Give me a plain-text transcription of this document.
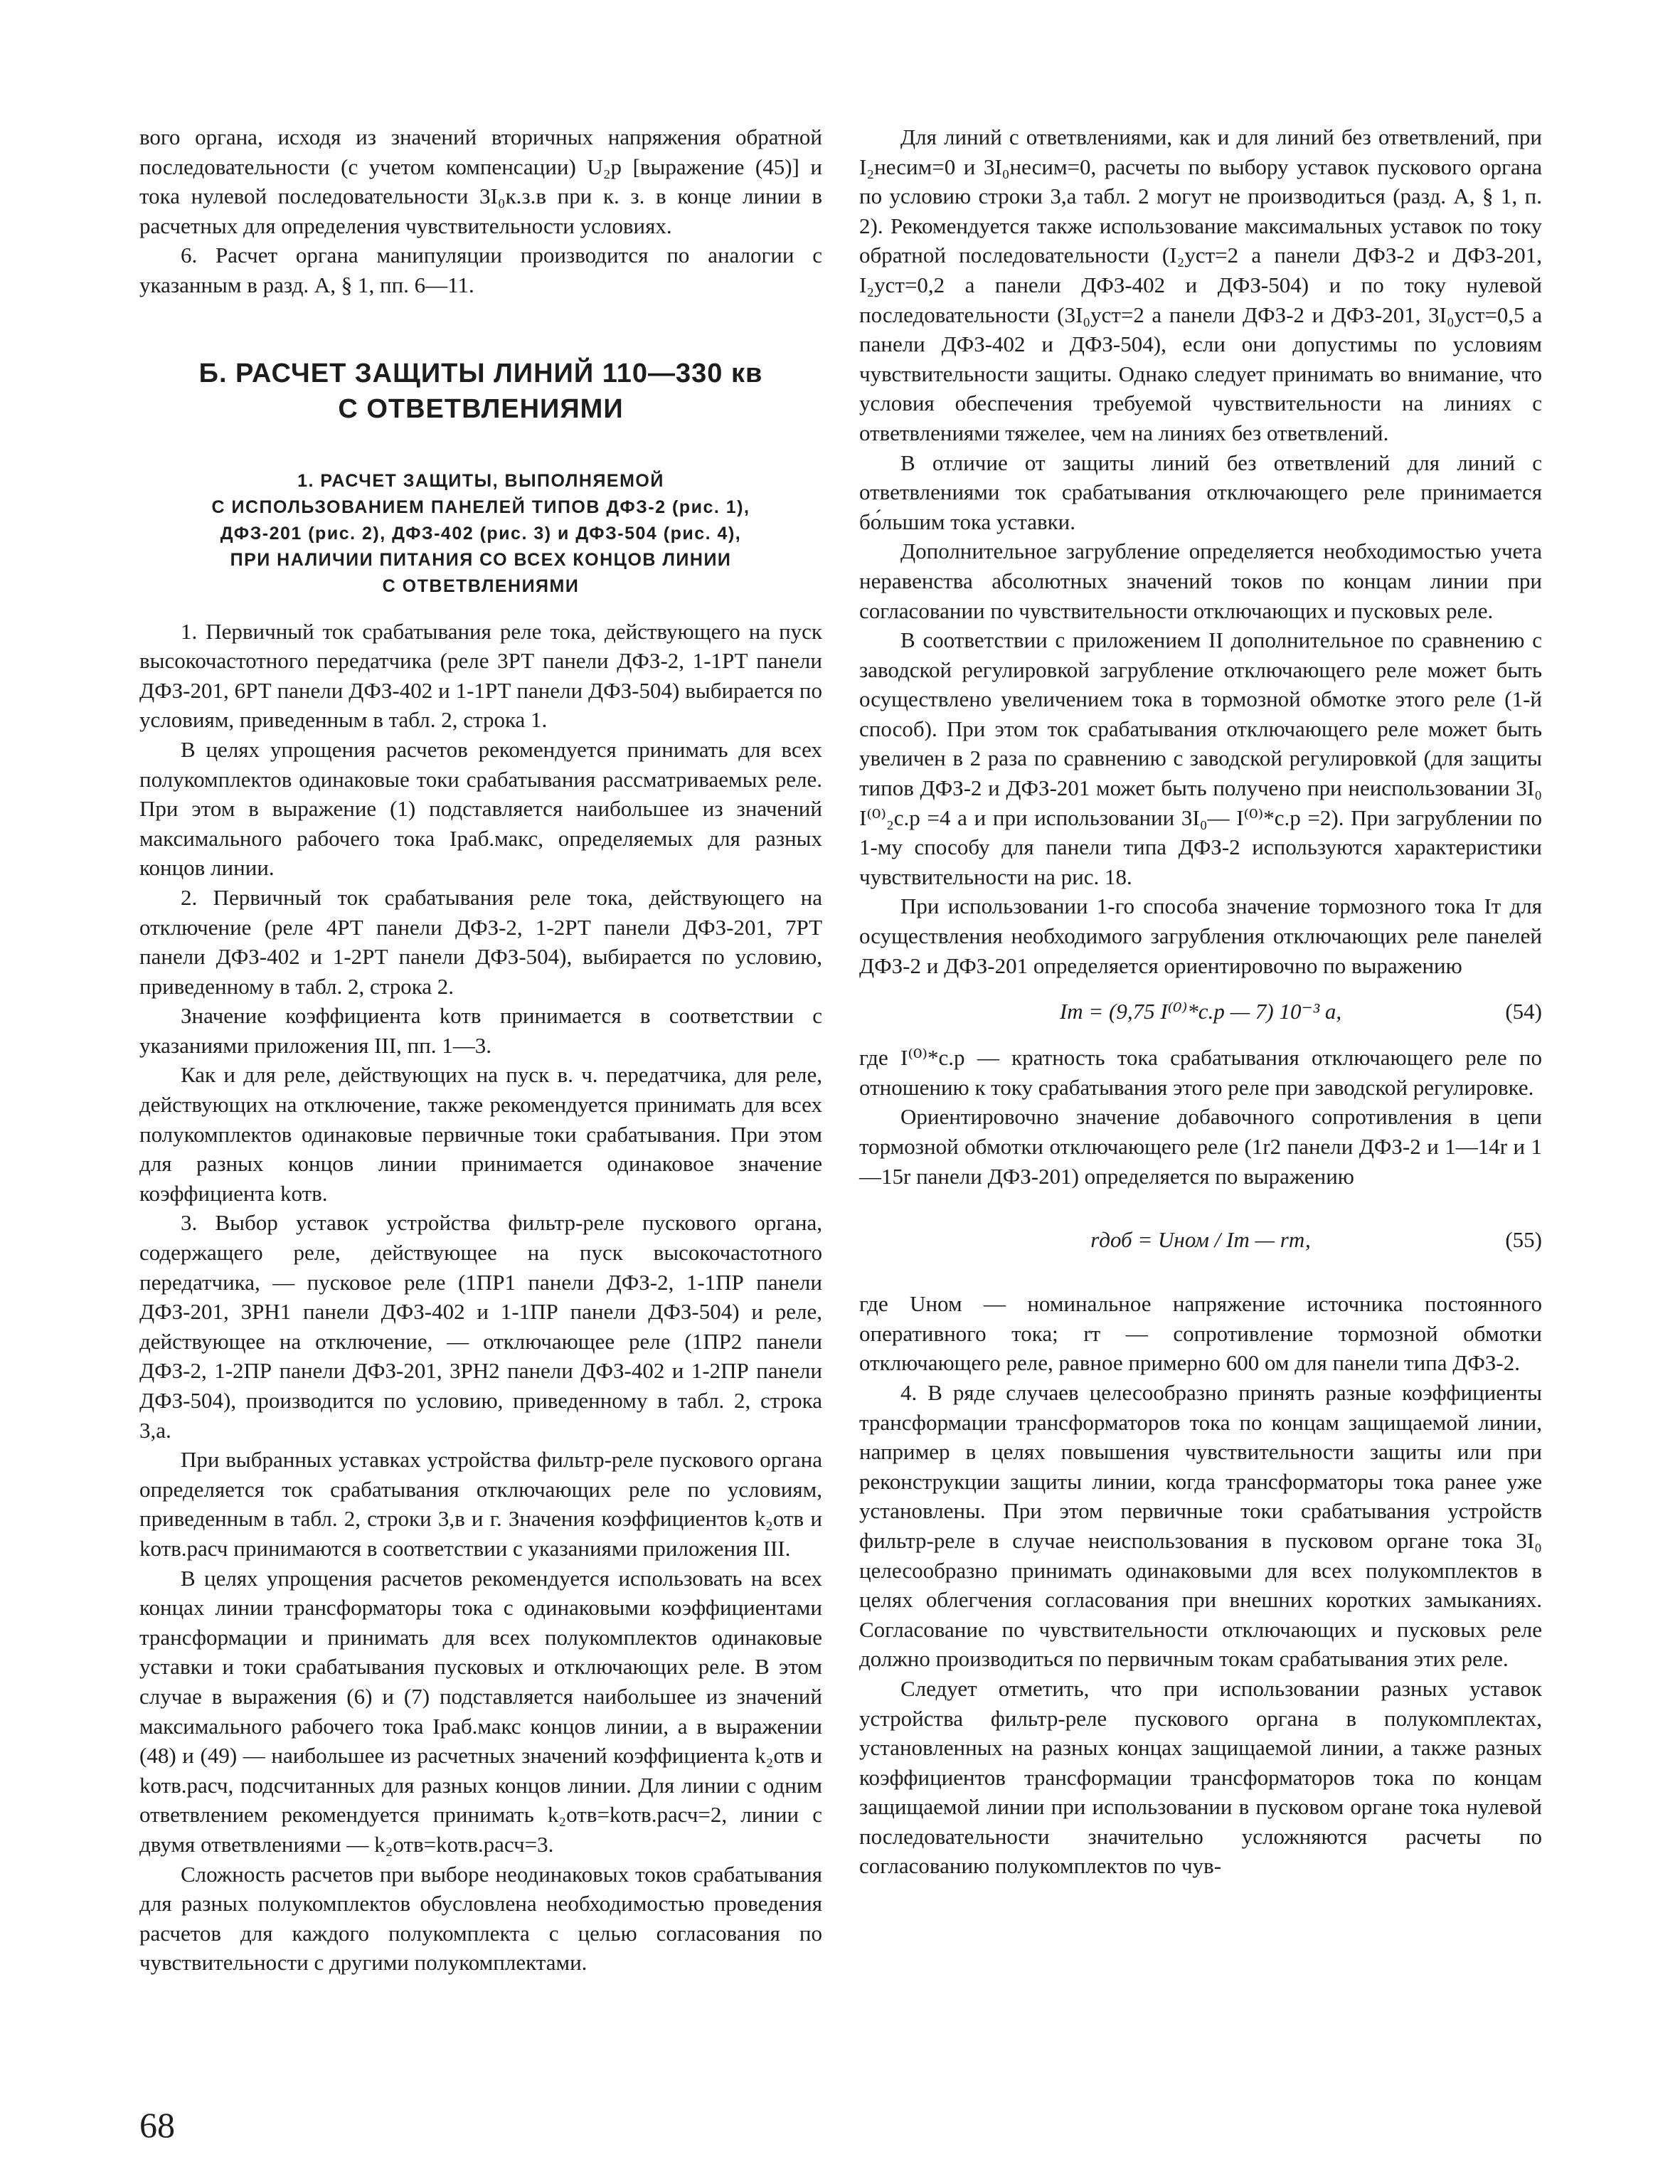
вого органа, исходя из значений вторичных напряжения обратной последовательности (с учетом компенсации) U₂р [выражение (45)] и тока нулевой последовательности 3I₀к.з.в при к. з. в конце линии в расчетных для определения чувствительности условиях.

6. Расчет органа манипуляции производится по аналогии с указанным в разд. А, § 1, пп. 6—11.

Б. РАСЧЕТ ЗАЩИТЫ ЛИНИЙ 110—330 кв
С ОТВЕТВЛЕНИЯМИ
1. РАСЧЕТ ЗАЩИТЫ, ВЫПОЛНЯЕМОЙ
С ИСПОЛЬЗОВАНИЕМ ПАНЕЛЕЙ ТИПОВ ДФЗ-2 (рис. 1),
ДФЗ-201 (рис. 2), ДФЗ-402 (рис. 3) и ДФЗ-504 (рис. 4),
ПРИ НАЛИЧИИ ПИТАНИЯ СО ВСЕХ КОНЦОВ ЛИНИИ
С ОТВЕТВЛЕНИЯМИ

1. Первичный ток срабатывания реле тока, действующего на пуск высокочастотного передатчика (реле 3РТ панели ДФЗ-2, 1-1РТ панели ДФЗ-201, 6РТ панели ДФЗ-402 и 1-1РТ панели ДФЗ-504) выбирается по условиям, приведенным в табл. 2, строка 1.

В целях упрощения расчетов рекомендуется принимать для всех полукомплектов одинаковые токи срабатывания рассматриваемых реле. При этом в выражение (1) подставляется наибольшее из значений максимального рабочего тока Iраб.макс, определяемых для разных концов линии.

2. Первичный ток срабатывания реле тока, действующего на отключение (реле 4РТ панели ДФЗ-2, 1-2РТ панели ДФЗ-201, 7РТ панели ДФЗ-402 и 1-2РТ панели ДФЗ-504), выбирается по условию, приведенному в табл. 2, строка 2.

Значение коэффициента kотв принимается в соответствии с указаниями приложения III, пп. 1—3.

Как и для реле, действующих на пуск в. ч. передатчика, для реле, действующих на отключение, также рекомендуется принимать для всех полукомплектов одинаковые первичные токи срабатывания. При этом для разных концов линии принимается одинаковое значение коэффициента kотв.

3. Выбор уставок устройства фильтр-реле пускового органа, содержащего реле, действующее на пуск высокочастотного передатчика, — пусковое реле (1ПР1 панели ДФЗ-2, 1-1ПР панели ДФЗ-201, 3РН1 панели ДФЗ-402 и 1-1ПР панели ДФЗ-504) и реле, действующее на отключение, — отключающее реле (1ПР2 панели ДФЗ-2, 1-2ПР панели ДФЗ-201, 3РН2 панели ДФЗ-402 и 1-2ПР панели ДФЗ-504), производится по условию, приведенному в табл. 2, строка 3,а.

При выбранных уставках устройства фильтр-реле пускового органа определяется ток срабатывания отключающих реле по условиям, приведенным в табл. 2, строки 3,в и г. Значения коэффициентов k₂отв и kотв.расч принимаются в соответствии с указаниями приложения III.

В целях упрощения расчетов рекомендуется использовать на всех концах линии трансформаторы тока с одинаковыми коэффициентами трансформации и принимать для всех полукомплектов одинаковые уставки и токи срабатывания пусковых и отключающих реле. В этом случае в выражения (6) и (7) подставляется наибольшее из значений максимального рабочего тока Iраб.макс концов линии, а в выражении (48) и (49) — наибольшее из расчетных значений коэффициента k₂отв и kотв.расч, подсчитанных для разных концов линии. Для линии с одним ответвлением рекомендуется принимать k₂отв=kотв.расч=2, линии с двумя ответвлениями — k₂отв=kотв.расч=3.

Сложность расчетов при выборе неодинаковых токов срабатывания для разных полукомплектов обусловлена необходимостью проведения расчетов для каждого полукомплекта с целью согласования по чувствительности с другими полукомплектами.

Для линий с ответвлениями, как и для линий без ответвлений, при I₂несим=0 и 3I₀несим=0, расчеты по выбору уставок пускового органа по условию строки 3,а табл. 2 могут не производиться (разд. А, § 1, п. 2). Рекомендуется также использование максимальных уставок по току обратной последовательности (I₂уст=2 а панели ДФЗ-2 и ДФЗ-201, I₂уст=0,2 а панели ДФЗ-402 и ДФЗ-504) и по току нулевой последовательности (3I₀уст=2 а панели ДФЗ-2 и ДФЗ-201, 3I₀уст=0,5 а панели ДФЗ-402 и ДФЗ-504), если они допустимы по условиям чувствительности защиты. Однако следует принимать во внимание, что условия обеспечения требуемой чувствительности на линиях с ответвлениями тяжелее, чем на линиях без ответвлений.

В отличие от защиты линий без ответвлений для линий с ответвлениями ток срабатывания отключающего реле принимается бо́льшим тока уставки.

Дополнительное загрубление определяется необходимостью учета неравенства абсолютных значений токов по концам линии при согласовании по чувствительности отключающих и пусковых реле.

В соответствии с приложением II дополнительное по сравнению с заводской регулировкой загрубление отключающего реле может быть осуществлено увеличением тока в тормозной обмотке этого реле (1-й способ). При этом ток срабатывания отключающего реле может быть увеличен в 2 раза по сравнению с заводской регулировкой (для защиты типов ДФЗ-2 и ДФЗ-201 может быть получено при неиспользовании 3I₀ I⁽⁰⁾₂с.р =4 а и при использовании 3I₀— I⁽⁰⁾*с.р =2). При загрублении по 1-му способу для панели типа ДФЗ-2 используются характеристики чувствительности на рис. 18.

При использовании 1-го способа значение тормозного тока Iт для осуществления необходимого загрубления отключающих реле панелей ДФЗ-2 и ДФЗ-201 определяется ориентировочно по выражению

Iт = (9,75 I⁽⁰⁾*с.р — 7) 10⁻³ а,	(54)

где I⁽⁰⁾*с.р — кратность тока срабатывания отключающего реле по отношению к току срабатывания этого реле при заводской регулировке.

Ориентировочно значение добавочного сопротивления в цепи тормозной обмотки отключающего реле (1r2 панели ДФЗ-2 и 1—14r и 1—15r панели ДФЗ-201) определяется по выражению

rдоб = Uном / Iт — rт,	(55)

где Uном — номинальное напряжение источника постоянного оперативного тока; rт — сопротивление тормозной обмотки отключающего реле, равное примерно 600 ом для панели типа ДФЗ-2.

4. В ряде случаев целесообразно принять разные коэффициенты трансформации трансформаторов тока по концам защищаемой линии, например в целях повышения чувствительности защиты или при реконструкции защиты линии, когда трансформаторы тока ранее уже установлены. При этом первичные токи срабатывания устройств фильтр-реле в случае неиспользования в пусковом органе тока 3I₀ целесообразно принимать одинаковыми для всех полукомплектов в целях облегчения согласования при внешних коротких замыканиях. Согласование по чувствительности отключающих и пусковых реле должно производиться по первичным токам срабатывания этих реле.

Следует отметить, что при использовании разных уставок устройства фильтр-реле пускового органа в полукомплектах, установленных на разных концах защищаемой линии, а также разных коэффициентов трансформации трансформаторов тока по концам защищаемой линии при использовании в пусковом органе тока нулевой последовательности значительно усложняются расчеты по согласованию полукомплектов по чув-

68
